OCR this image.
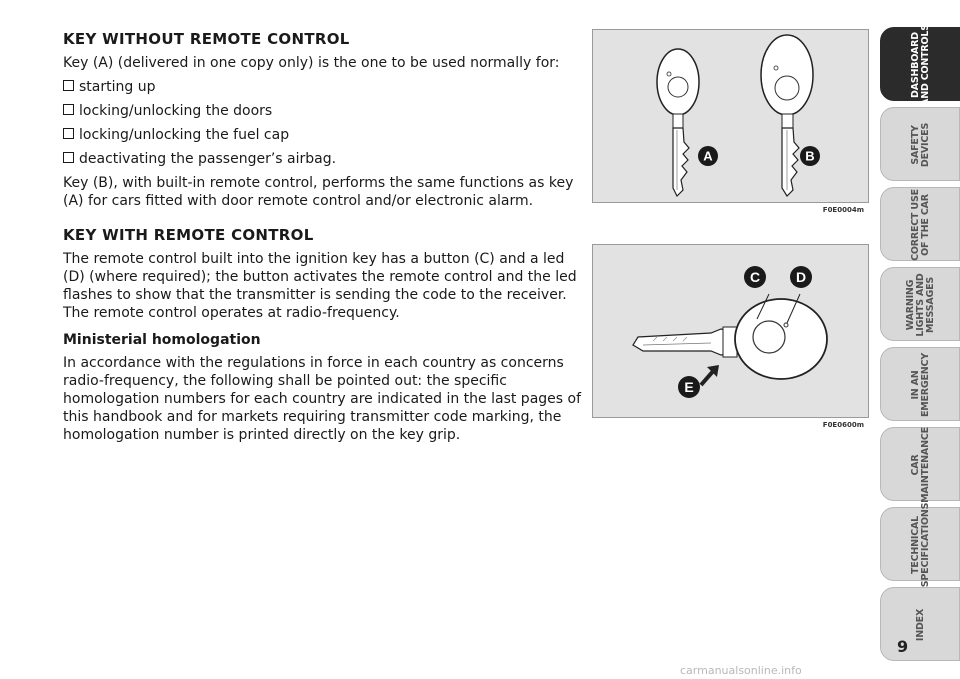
KEY WITHOUT REMOTE CONTROL
Key (A) (delivered in one copy only) is the one to be used normally for:
starting up
locking/unlocking the doors
locking/unlocking the fuel cap
deactivating the passenger’s airbag.
Key (B), with built-in remote control, performs the same functions as key (A) for cars fitted with door remote control and/or electronic alarm.
KEY WITH REMOTE CONTROL
The remote control built into the ignition key has a button (C) and a led (D) (where required); the button activates the remote control and the led flashes to show that the transmitter is sending the code to the receiver. The remote control operates at radio-frequency.
Ministerial homologation
In accordance with the regulations in force in each country as concerns radio-frequency, the following shall be pointed out: the specific homologation numbers for each country are indicated in the last pages of this handbook and for markets requiring transmitter code marking, the homologation number is printed directly on the key grip.
A	B
F0E0004m
C	D
E
F0E0600m
DASHBOARD
AND CONTROLS
SAFETY
DEVICES
CORRECT USE
OF THE CAR
WARNING
LIGHTS AND
MESSAGES
IN AN
EMERGENCY
CAR
MAINTENANCE
TECHNICAL
SPECIFICATIONS
INDEX
9
carmanualsonline.info
